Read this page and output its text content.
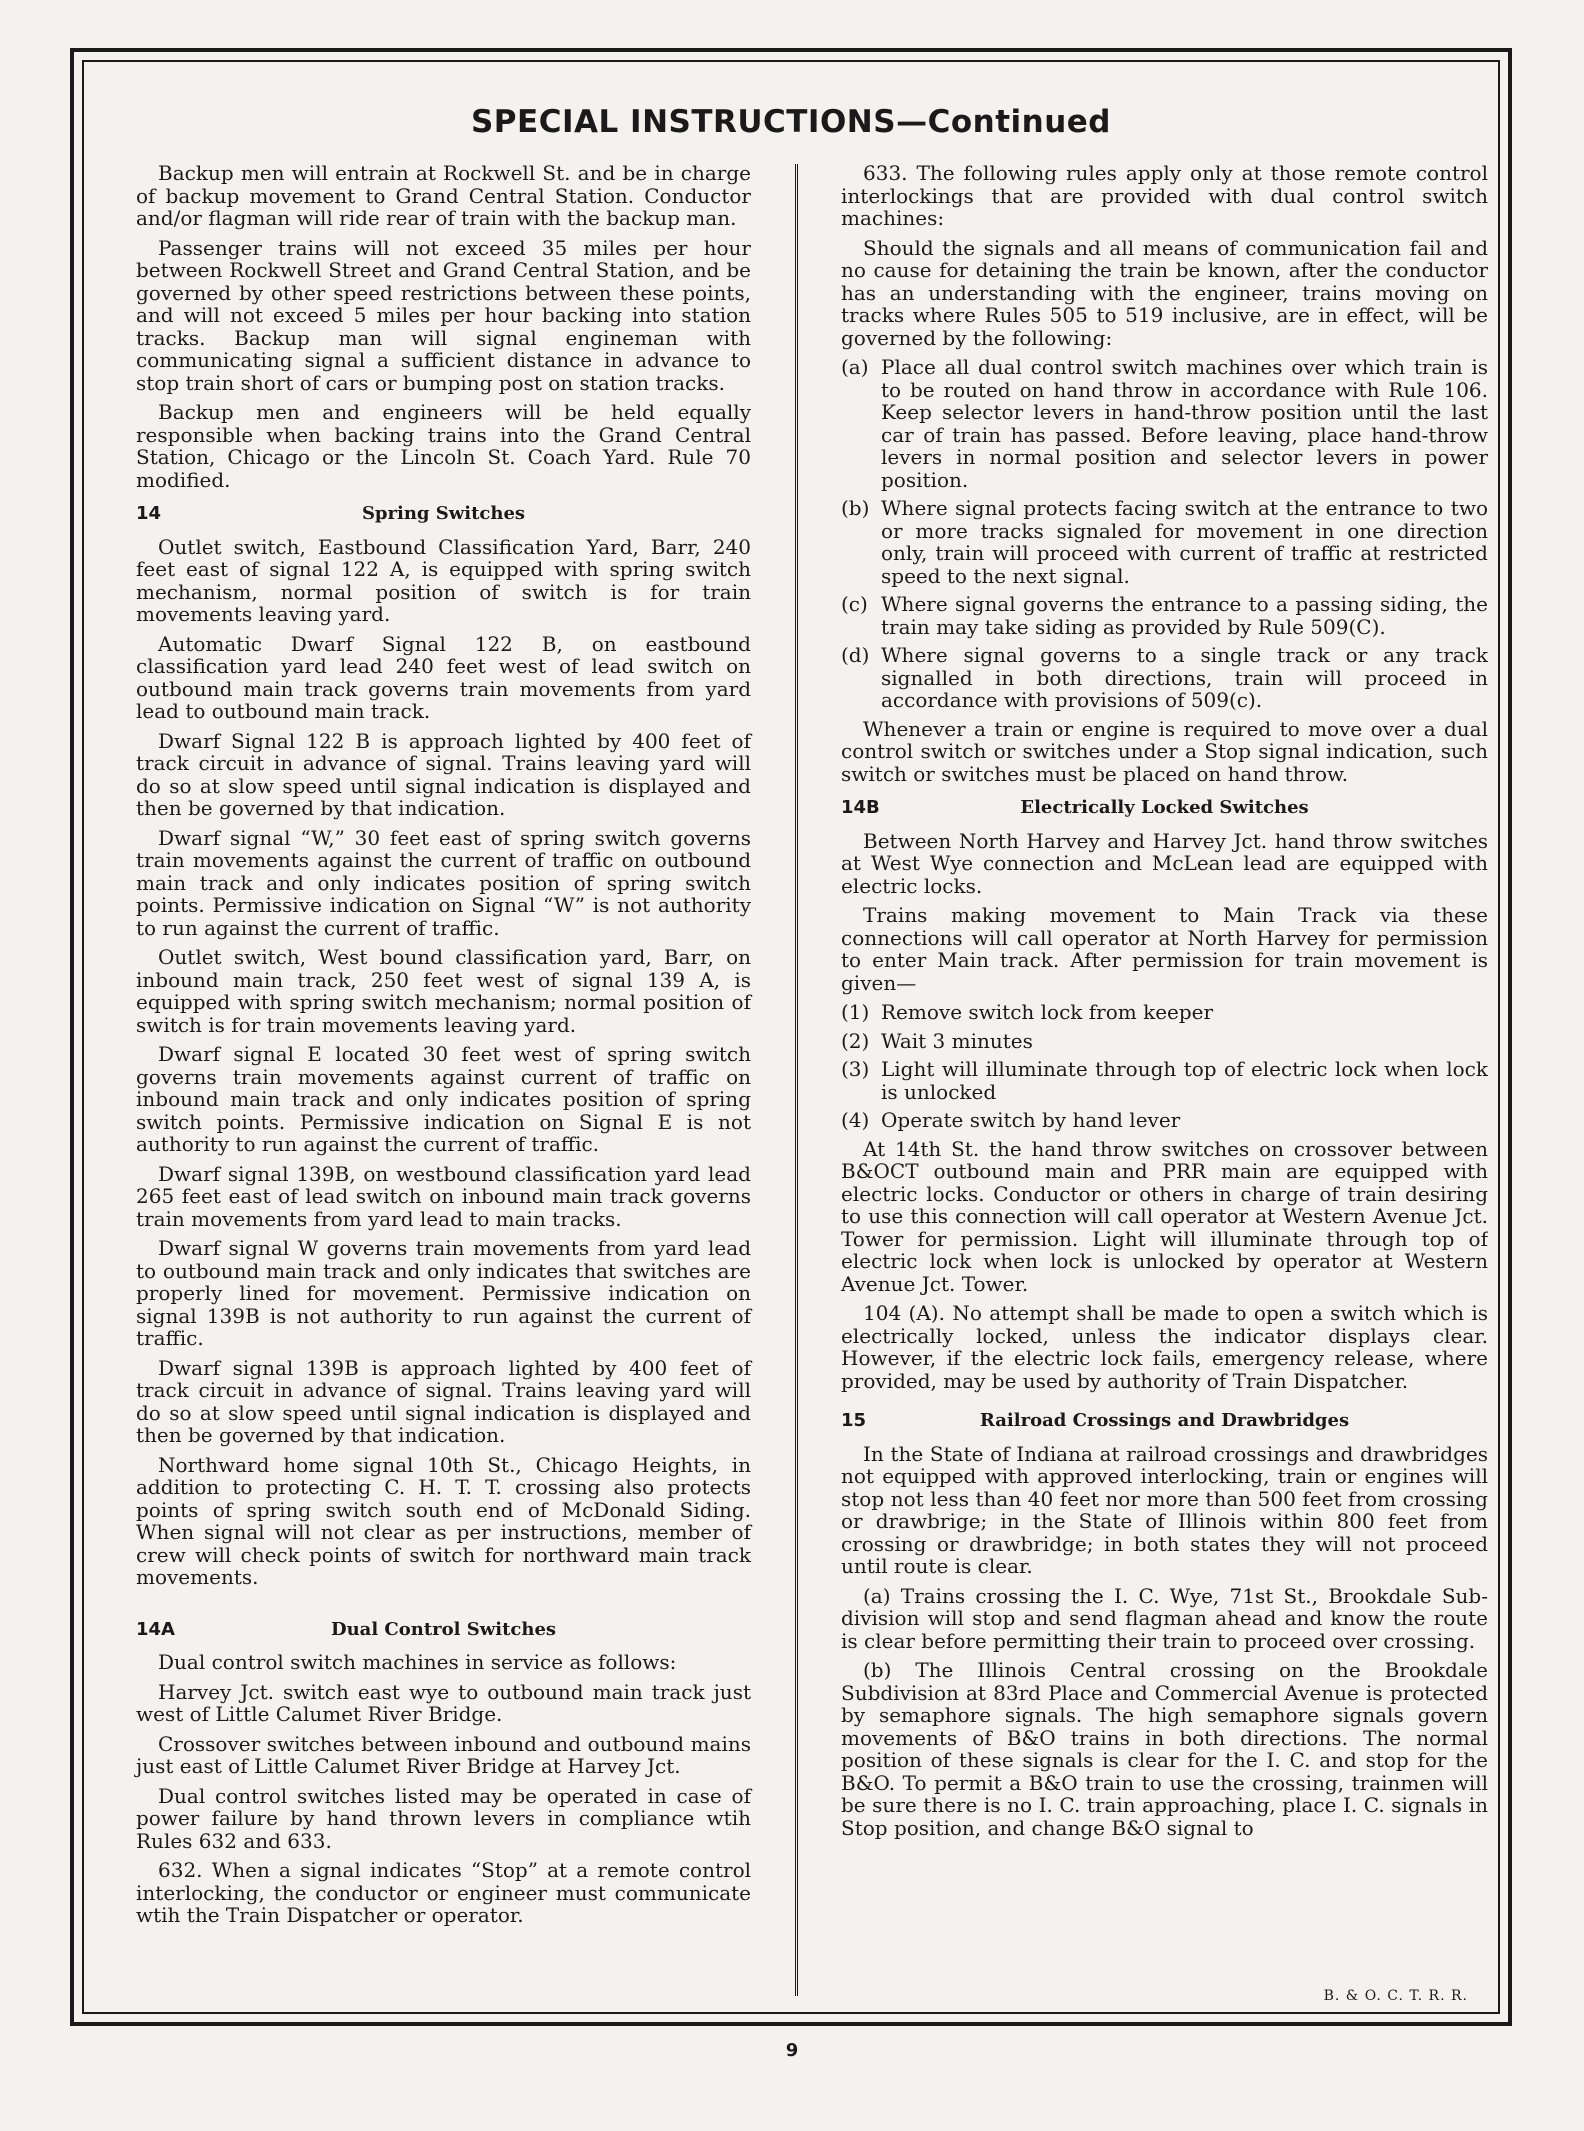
SPECIAL INSTRUCTIONS—Continued

Backup men will entrain at Rockwell St. and be in charge of backup movement to Grand Central Station. Conductor and/or flagman will ride rear of train with the backup man.

Passenger trains will not exceed 35 miles per hour between Rockwell Street and Grand Central Station, and be governed by other speed restrictions between these points, and will not exceed 5 miles per hour backing into station tracks. Backup man will signal engineman with communicating signal a sufficient distance in advance to stop train short of cars or bumping post on station tracks.

Backup men and engineers will be held equally responsible when backing trains into the Grand Central Station, Chicago or the Lincoln St. Coach Yard. Rule 70 modified.

14	Spring Switches

Outlet switch, Eastbound Classification Yard, Barr, 240 feet east of signal 122 A, is equipped with spring switch mechanism, normal position of switch is for train movements leaving yard.

Automatic Dwarf Signal 122 B, on eastbound classification yard lead 240 feet west of lead switch on outbound main track governs train movements from yard lead to outbound main track.

Dwarf Signal 122 B is approach lighted by 400 feet of track circuit in advance of signal. Trains leaving yard will do so at slow speed until signal indication is displayed and then be governed by that indication.

Dwarf signal “W,” 30 feet east of spring switch governs train movements against the current of traffic on outbound main track and only indicates position of spring switch points. Permissive indication on Signal “W” is not authority to run against the current of traffic.

Outlet switch, West bound classification yard, Barr, on inbound main track, 250 feet west of signal 139 A, is equipped with spring switch mechanism; normal position of switch is for train movements leaving yard.

Dwarf signal E located 30 feet west of spring switch governs train movements against current of traffic on inbound main track and only indicates position of spring switch points. Permissive indication on Signal E is not authority to run against the current of traffic.

Dwarf signal 139B, on westbound classification yard lead 265 feet east of lead switch on inbound main track governs train movements from yard lead to main tracks.

Dwarf signal W governs train movements from yard lead to outbound main track and only indicates that switches are properly lined for movement. Permissive indication on signal 139B is not authority to run against the current of traffic.

Dwarf signal 139B is approach lighted by 400 feet of track circuit in advance of signal. Trains leaving yard will do so at slow speed until signal indication is displayed and then be governed by that indication.

Northward home signal 10th St., Chicago Heights, in addition to protecting C. H. T. T. crossing also protects points of spring switch south end of McDonald Siding. When signal will not clear as per instructions, member of crew will check points of switch for northward main track movements.

14A	Dual Control Switches

Dual control switch machines in service as follows:

Harvey Jct. switch east wye to outbound main track just west of Little Calumet River Bridge.

Crossover switches between inbound and outbound mains just east of Little Calumet River Bridge at Harvey Jct.

Dual control switches listed may be operated in case of power failure by hand thrown levers in compliance wtih Rules 632 and 633.

632. When a signal indicates “Stop” at a remote control interlocking, the conductor or engineer must communicate wtih the Train Dispatcher or operator.

633. The following rules apply only at those remote control interlockings that are provided with dual control switch machines:

Should the signals and all means of communication fail and no cause for detaining the train be known, after the conductor has an understanding with the engineer, trains moving on tracks where Rules 505 to 519 inclusive, are in effect, will be governed by the following:

(a) Place all dual control switch machines over which train is to be routed on hand throw in accordance with Rule 106. Keep selector levers in hand-throw position until the last car of train has passed. Before leaving, place hand-throw levers in normal position and selector levers in power position.
(b) Where signal protects facing switch at the entrance to two or more tracks signaled for movement in one direction only, train will proceed with current of traffic at restricted speed to the next signal.
(c) Where signal governs the entrance to a passing siding, the train may take siding as provided by Rule 509(C).
(d) Where signal governs to a single track or any track signalled in both directions, train will proceed in accordance with provisions of 509(c).

Whenever a train or engine is required to move over a dual control switch or switches under a Stop signal indication, such switch or switches must be placed on hand throw.

14B	Electrically Locked Switches

Between North Harvey and Harvey Jct. hand throw switches at West Wye connection and McLean lead are equipped with electric locks.

Trains making movement to Main Track via these connections will call operator at North Harvey for permission to enter Main track. After permission for train movement is given—

(1) Remove switch lock from keeper
(2) Wait 3 minutes
(3) Light will illuminate through top of electric lock when lock is unlocked
(4) Operate switch by hand lever

At 14th St. the hand throw switches on crossover between B&OCT outbound main and PRR main are equipped with electric locks. Conductor or others in charge of train desiring to use this connection will call operator at Western Avenue Jct. Tower for permission. Light will illuminate through top of electric lock when lock is unlocked by operator at Western Avenue Jct. Tower.

104 (A). No attempt shall be made to open a switch which is electrically locked, unless the indicator displays clear. However, if the electric lock fails, emergency release, where provided, may be used by authority of Train Dispatcher.

15	Railroad Crossings and Drawbridges

In the State of Indiana at railroad crossings and drawbridges not equipped with approved interlocking, train or engines will stop not less than 40 feet nor more than 500 feet from crossing or drawbrige; in the State of Illinois within 800 feet from crossing or drawbridge; in both states they will not proceed until route is clear.

(a) Trains crossing the I. C. Wye, 71st St., Brookdale Sub-division will stop and send flagman ahead and know the route is clear before permitting their train to proceed over crossing.

(b) The Illinois Central crossing on the Brookdale Subdivision at 83rd Place and Commercial Avenue is protected by semaphore signals. The high semaphore signals govern movements of B&O trains in both directions. The normal position of these signals is clear for the I. C. and stop for the B&O. To permit a B&O train to use the crossing, trainmen will be sure there is no I. C. train approaching, place I. C. signals in Stop position, and change B&O signal to

B. & O. C. T. R. R.
9
